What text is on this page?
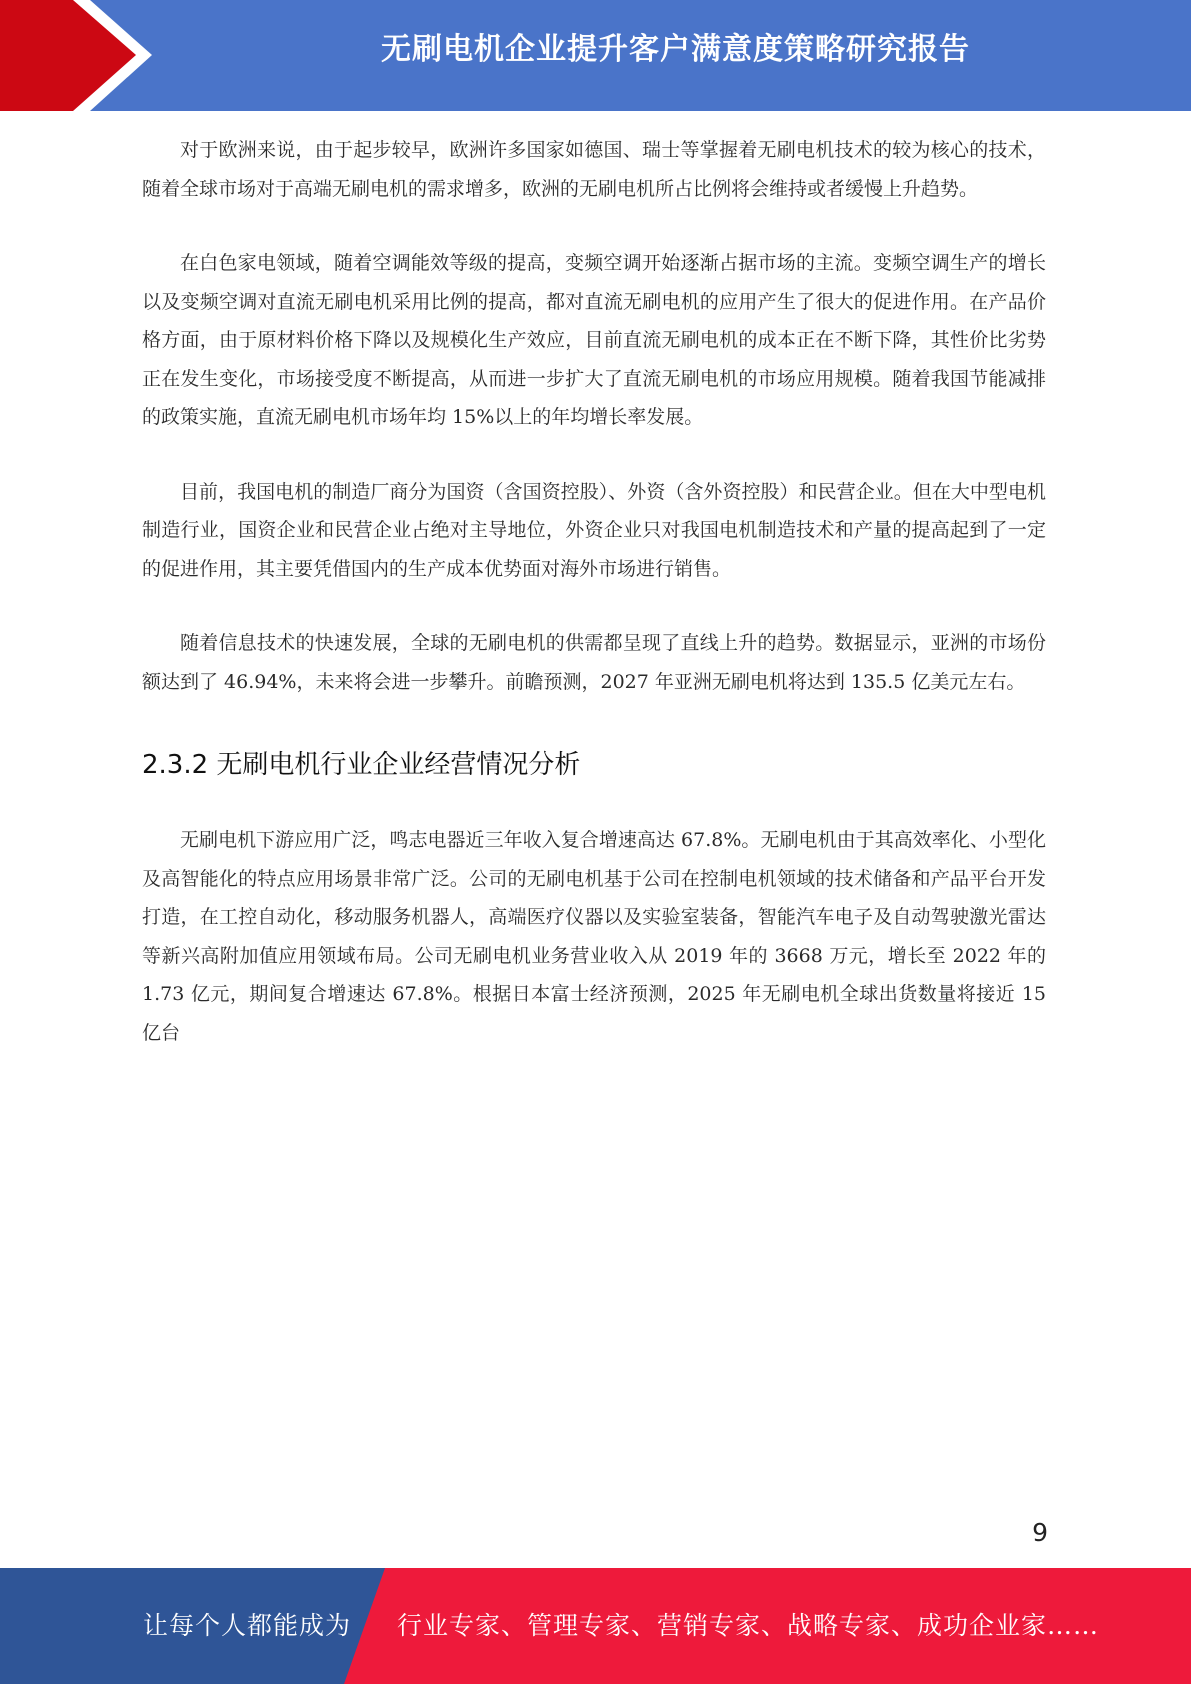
无刷电机企业提升客户满意度策略研究报告

对于欧洲来说，由于起步较早，欧洲许多国家如德国、瑞士等掌握着无刷电机技术的较为核心的技术，随着全球市场对于高端无刷电机的需求增多，欧洲的无刷电机所占比例将会维持或者缓慢上升趋势。

在白色家电领域，随着空调能效等级的提高，变频空调开始逐渐占据市场的主流。变频空调生产的增长以及变频空调对直流无刷电机采用比例的提高，都对直流无刷电机的应用产生了很大的促进作用。在产品价格方面，由于原材料价格下降以及规模化生产效应，目前直流无刷电机的成本正在不断下降，其性价比劣势正在发生变化，市场接受度不断提高，从而进一步扩大了直流无刷电机的市场应用规模。随着我国节能减排的政策实施，直流无刷电机市场年均 15%以上的年均增长率发展。

目前，我国电机的制造厂商分为国资（含国资控股）、外资（含外资控股）和民营企业。但在大中型电机制造行业，国资企业和民营企业占绝对主导地位，外资企业只对我国电机制造技术和产量的提高起到了一定的促进作用，其主要凭借国内的生产成本优势面对海外市场进行销售。

随着信息技术的快速发展，全球的无刷电机的供需都呈现了直线上升的趋势。数据显示，亚洲的市场份额达到了 46.94%，未来将会进一步攀升。前瞻预测，2027 年亚洲无刷电机将达到 135.5 亿美元左右。

2.3.2 无刷电机行业企业经营情况分析

无刷电机下游应用广泛，鸣志电器近三年收入复合增速高达 67.8%。无刷电机由于其高效率化、小型化及高智能化的特点应用场景非常广泛。公司的无刷电机基于公司在控制电机领域的技术储备和产品平台开发打造，在工控自动化，移动服务机器人，高端医疗仪器以及实验室装备，智能汽车电子及自动驾驶激光雷达等新兴高附加值应用领域布局。公司无刷电机业务营业收入从 2019 年的 3668 万元，增长至 2022 年的 1.73 亿元，期间复合增速达 67.8%。根据日本富士经济预测，2025 年无刷电机全球出货数量将接近 15 亿台

9
让每个人都能成为 行业专家、管理专家、营销专家、战略专家、成功企业家……
